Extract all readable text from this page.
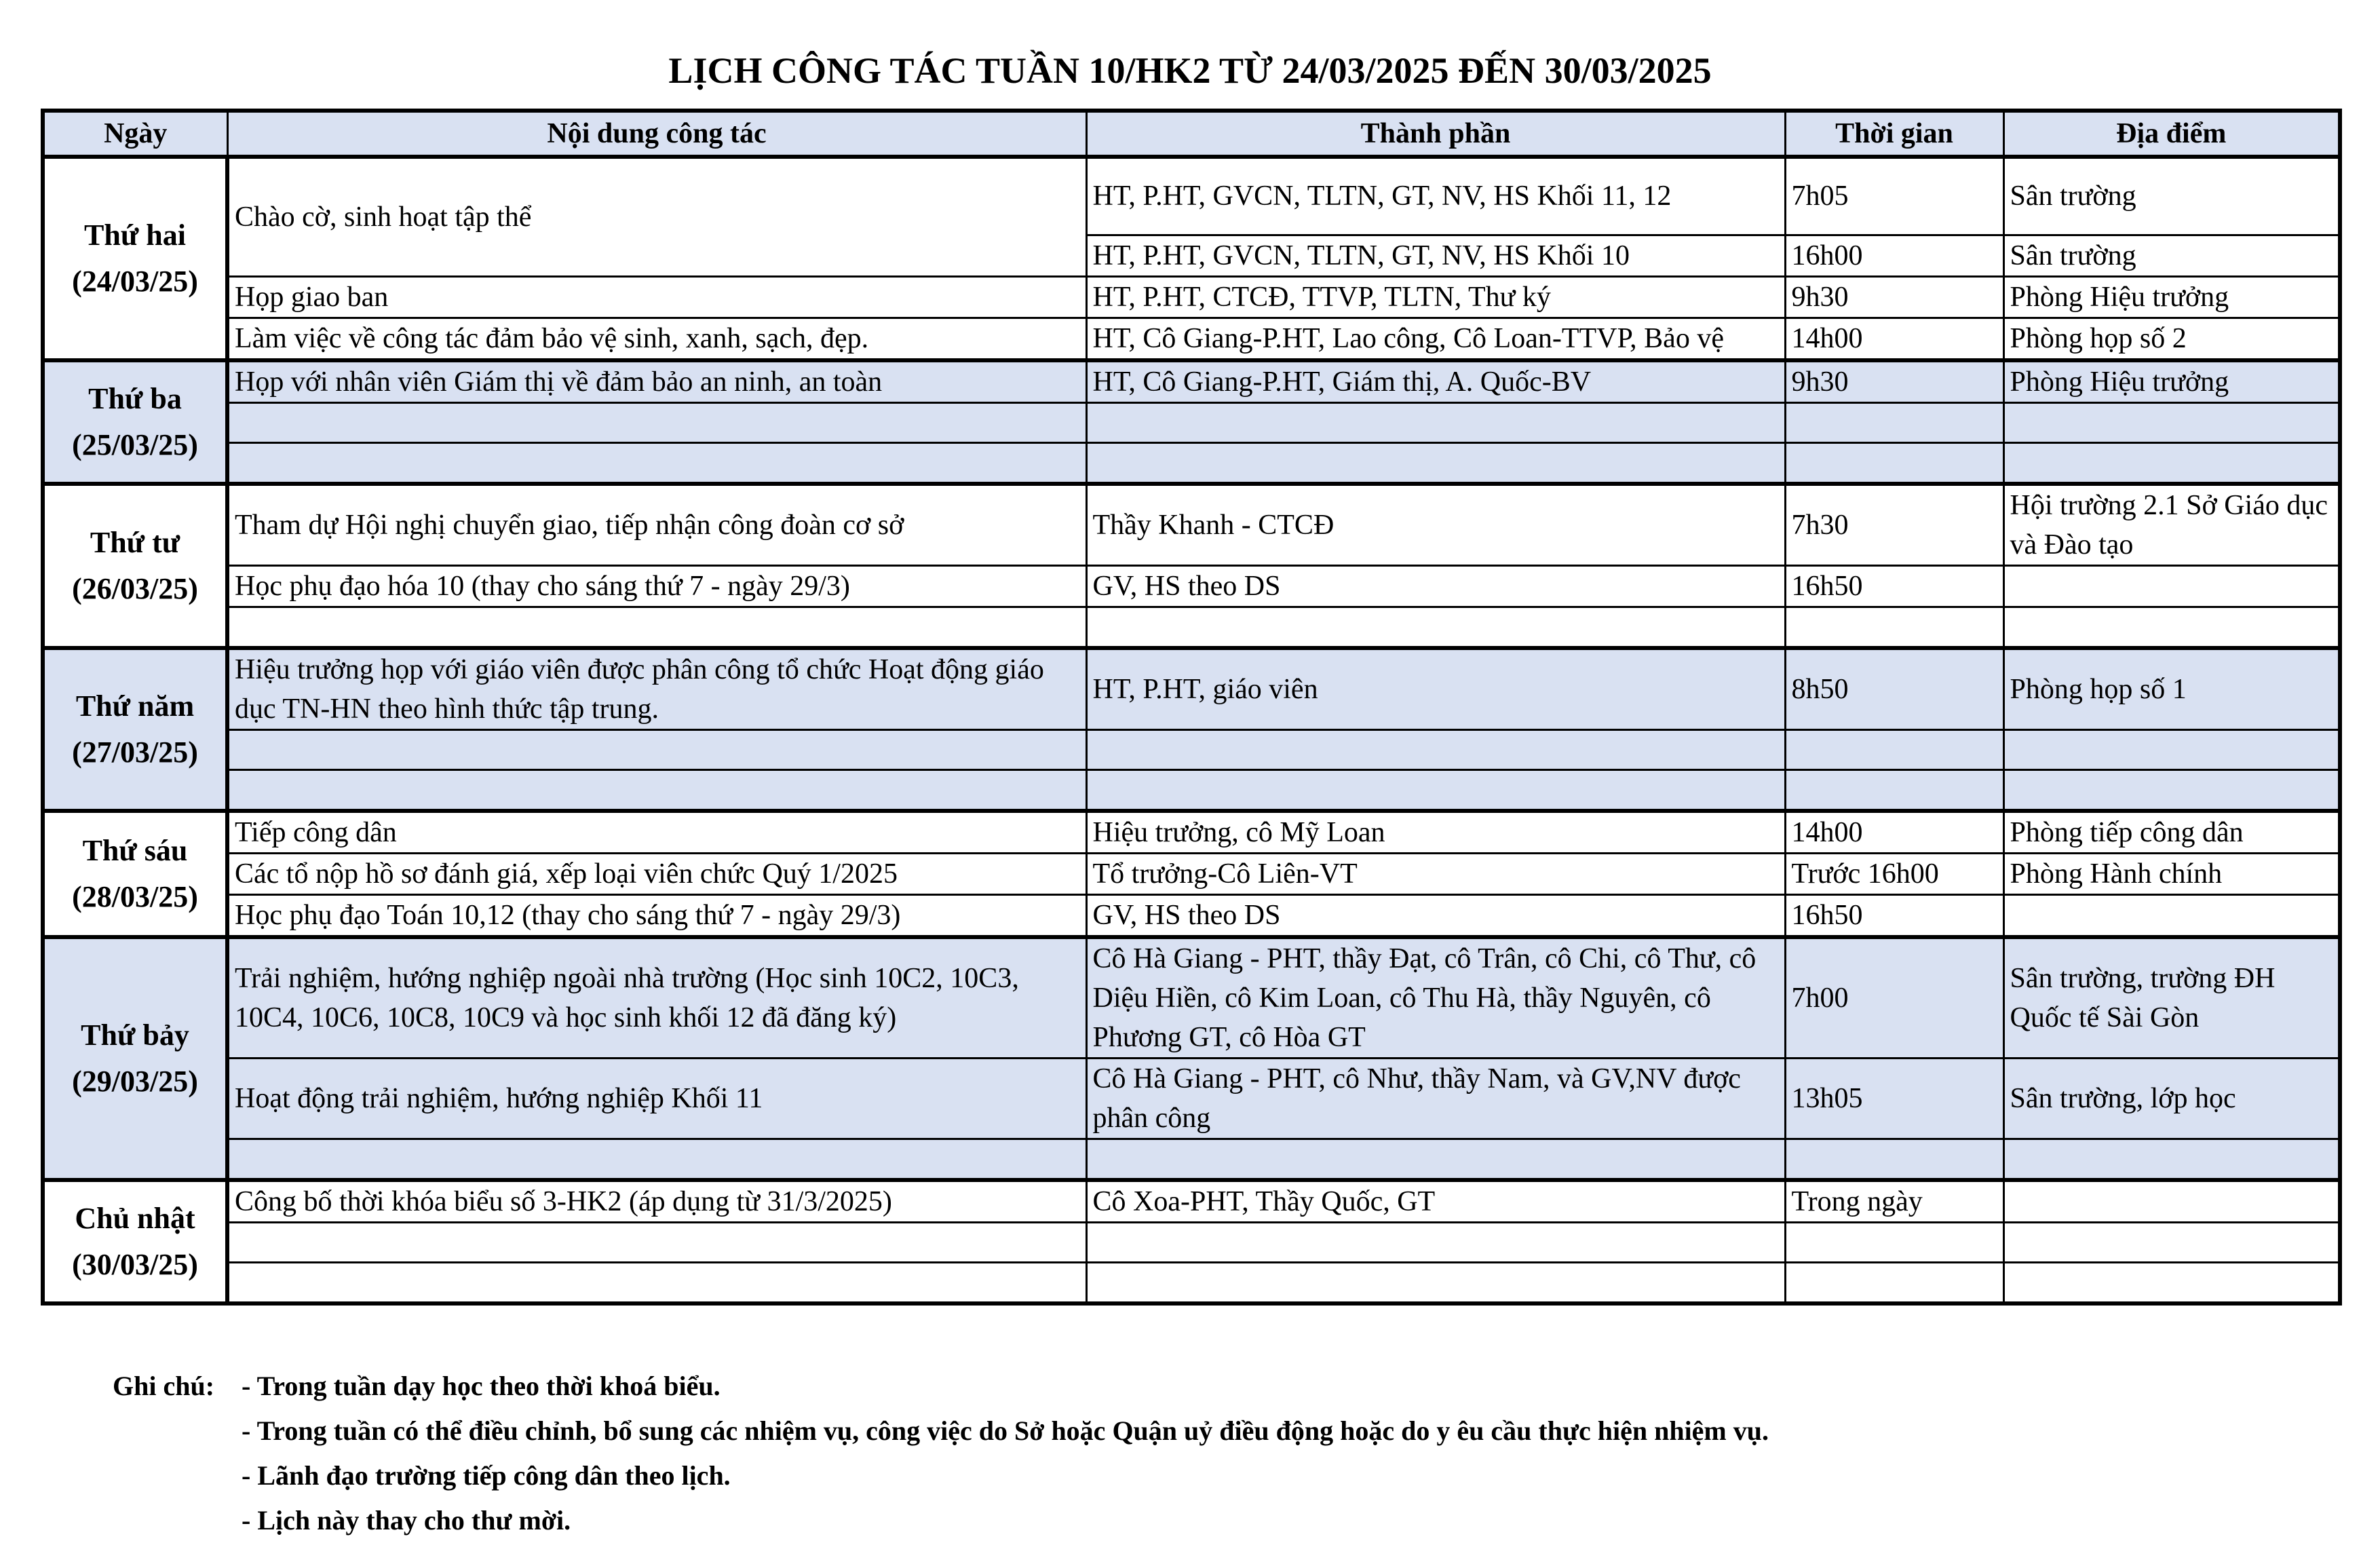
LỊCH CÔNG TÁC TUẦN 10/HK2 TỪ 24/03/2025 ĐẾN 30/03/2025
Ngày	Nội dung công tác	Thành phần	Thời gian	Địa điểm

Thứ hai
(24/03/25)	Chào cờ, sinh hoạt tập thể	HT, P.HT, GVCN, TLTN, GT, NV, HS Khối 11, 12	7h05	Sân trường
		HT, P.HT, GVCN, TLTN, GT, NV, HS Khối 10	16h00	Sân trường
	Họp giao ban	HT, P.HT, CTCĐ, TTVP, TLTN, Thư ký	9h30	Phòng Hiệu trưởng
	Làm việc về công tác đảm bảo vệ sinh, xanh, sạch, đẹp.	HT, Cô Giang-P.HT, Lao công, Cô Loan-TTVP, Bảo vệ	14h00	Phòng họp số 2

Thứ ba
(25/03/25)	Họp với nhân viên Giám thị về đảm bảo an ninh, an toàn	HT, Cô Giang-P.HT, Giám thị, A. Quốc-BV	9h30	Phòng Hiệu trưởng

Thứ tư
(26/03/25)	Tham dự Hội nghị chuyển giao, tiếp nhận công đoàn cơ sở	Thầy Khanh - CTCĐ	7h30	Hội trường 2.1 Sở Giáo dục và Đào tạo
	Học phụ đạo hóa 10 (thay cho sáng thứ 7 - ngày 29/3)	GV, HS theo DS	16h50	

Thứ năm
(27/03/25)	Hiệu trưởng họp với giáo viên được phân công tổ chức Hoạt động giáo dục TN-HN theo hình thức tập trung.	HT, P.HT, giáo viên	8h50	Phòng họp số 1

Thứ sáu
(28/03/25)	Tiếp công dân	Hiệu trưởng, cô Mỹ Loan	14h00	Phòng tiếp công dân
	Các tổ nộp hồ sơ đánh giá, xếp loại viên chức Quý 1/2025	Tổ trưởng-Cô Liên-VT	Trước 16h00	Phòng Hành chính
	Học phụ đạo Toán 10,12 (thay cho sáng thứ 7 - ngày 29/3)	GV, HS theo DS	16h50	

Thứ bảy
(29/03/25)	Trải nghiệm, hướng nghiệp ngoài nhà trường (Học sinh 10C2, 10C3, 10C4, 10C6, 10C8, 10C9 và học sinh khối 12 đã đăng ký)	Cô Hà Giang - PHT, thầy Đạt, cô Trân, cô Chi, cô Thư, cô Diệu Hiền, cô Kim Loan, cô Thu Hà, thầy Nguyên, cô Phương GT, cô Hòa GT	7h00	Sân trường, trường ĐH Quốc tế Sài Gòn
	Hoạt động trải nghiệm, hướng nghiệp Khối 11	Cô Hà Giang - PHT, cô Như, thầy Nam, và GV,NV được phân công	13h05	Sân trường, lớp học

Chủ nhật
(30/03/25)	Công bố thời khóa biểu số 3-HK2 (áp dụng từ 31/3/2025)	Cô Xoa-PHT, Thầy Quốc, GT	Trong ngày	

Ghi chú: - Trong tuần dạy học theo thời khoá biểu.
- Trong tuần có thể điều chỉnh, bổ sung các nhiệm vụ, công việc do Sở hoặc Quận uỷ điều động hoặc do y êu cầu thực hiện nhiệm vụ.
- Lãnh đạo trường tiếp công dân theo lịch.
- Lịch này thay cho thư mời.
